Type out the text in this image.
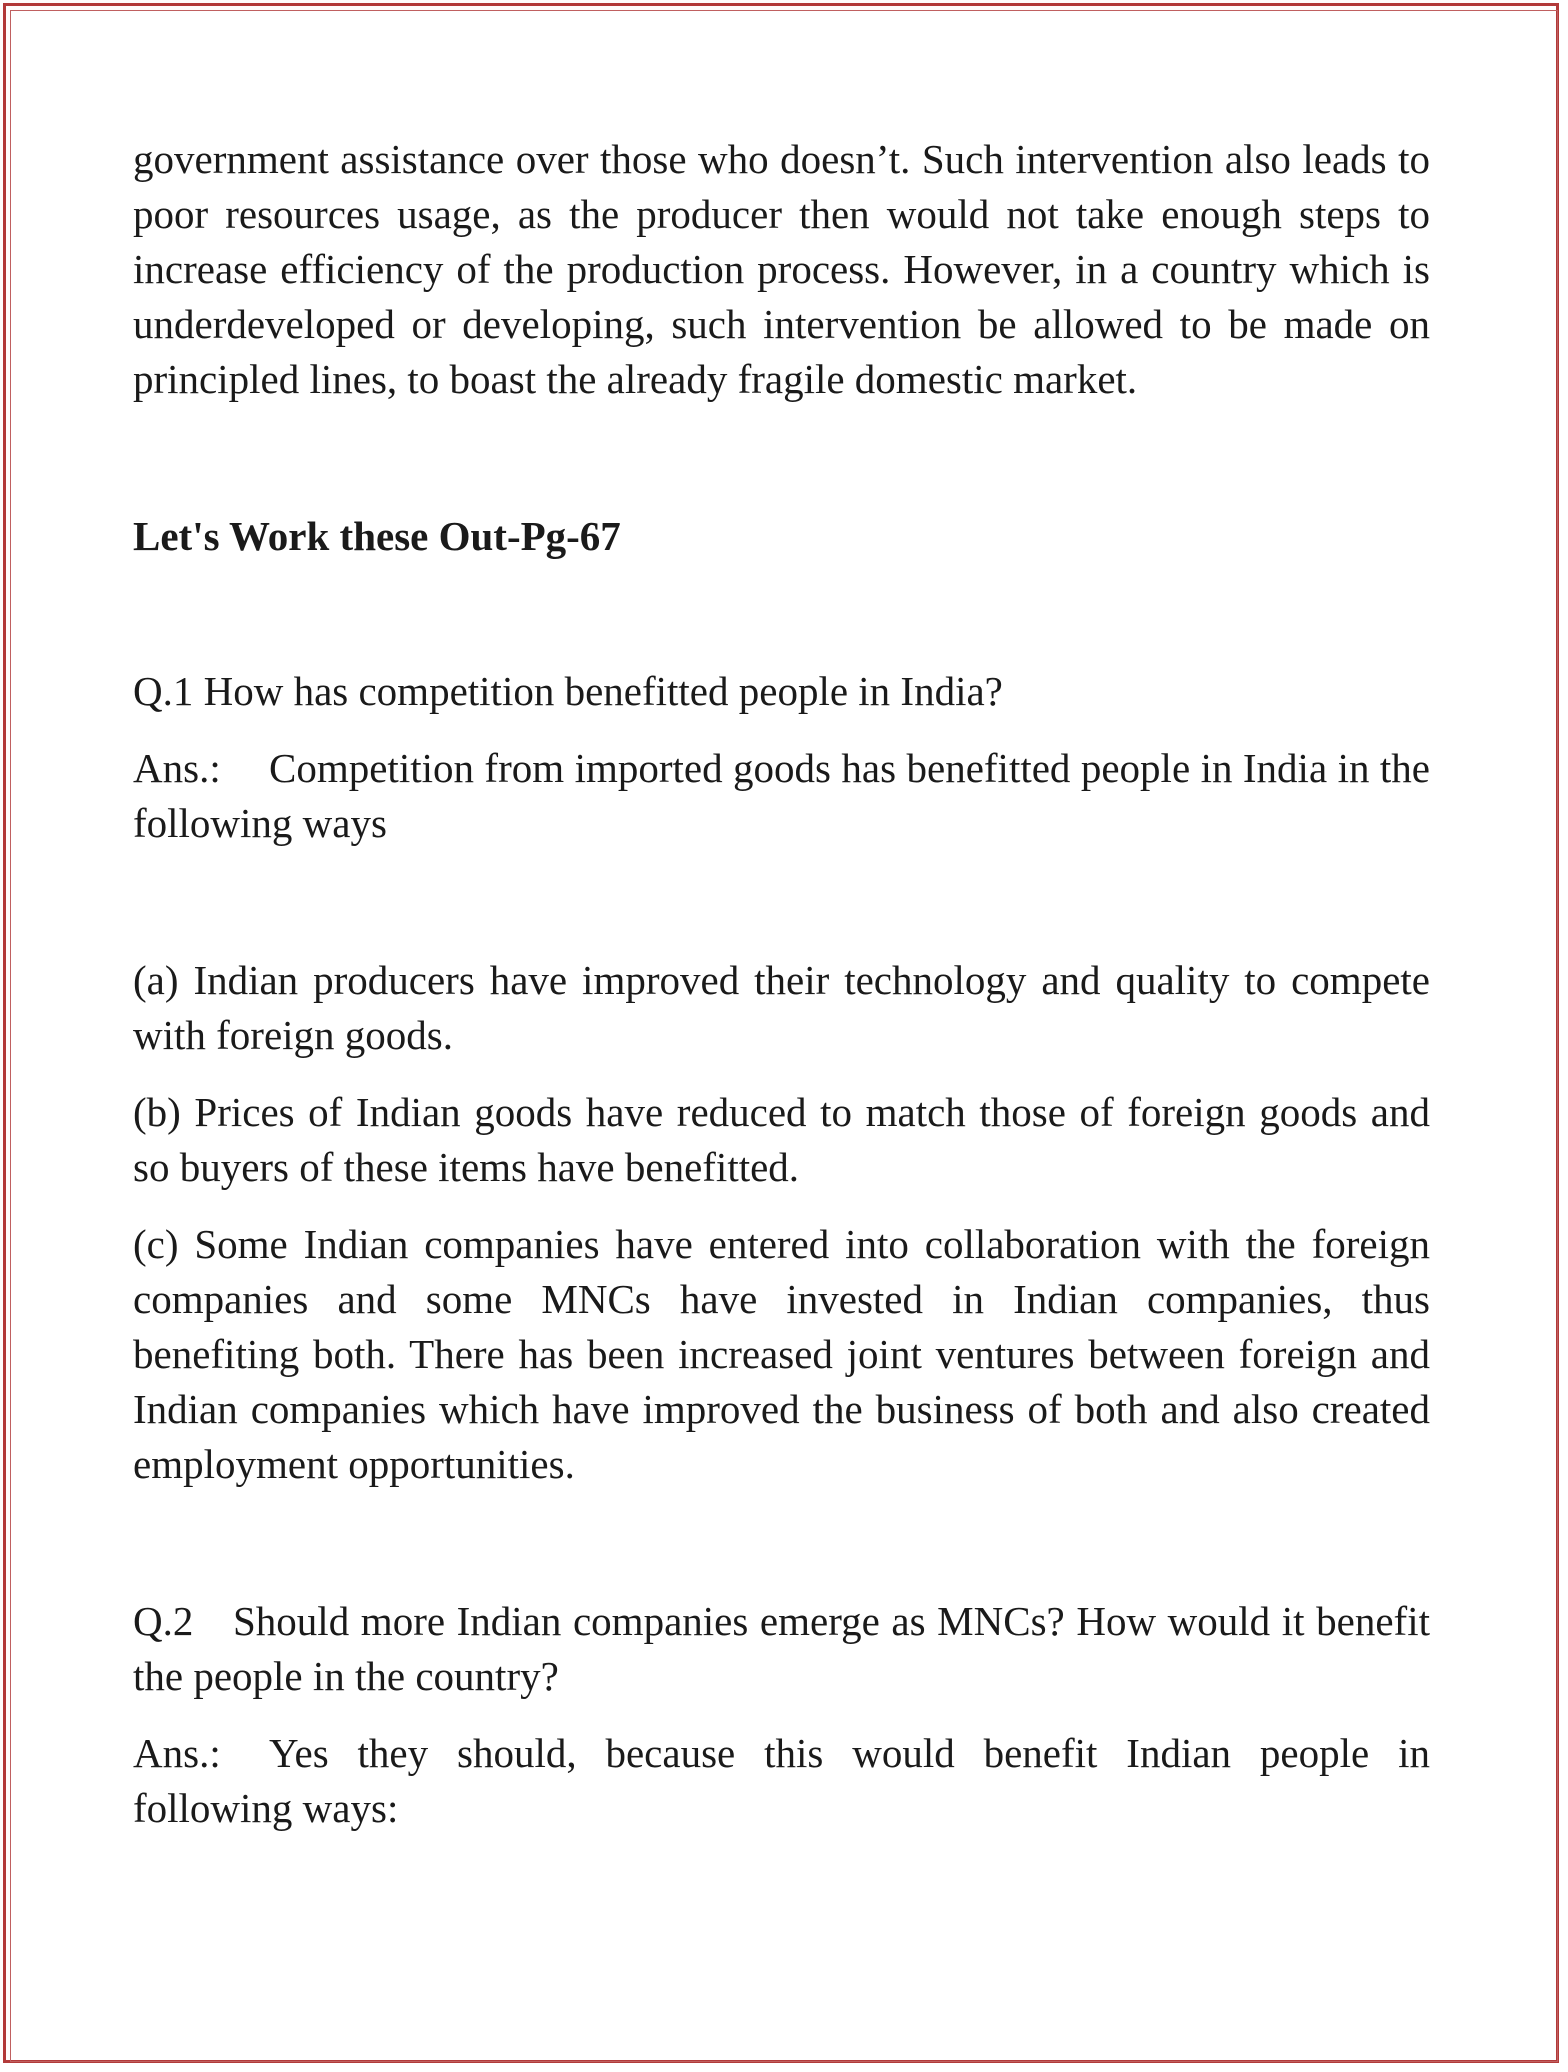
government assistance over those who doesn’t. Such intervention also leads to poor resources usage, as the producer then would not take enough steps to increase efficiency of the production process. However, in a country which is underdeveloped or developing, such intervention be allowed to be made on principled lines, to boast the already fragile domestic market.

Let's Work these Out-Pg-67

Q.1 How has competition benefitted people in India?

Ans.: Competition from imported goods has benefitted people in India in the following ways

(a) Indian producers have improved their technology and quality to compete with foreign goods.

(b) Prices of Indian goods have reduced to match those of foreign goods and so buyers of these items have benefitted.

(c) Some Indian companies have entered into collaboration with the foreign companies and some MNCs have invested in Indian companies, thus benefiting both. There has been increased joint ventures between foreign and Indian companies which have improved the business of both and also created employment opportunities.

Q.2 Should more Indian companies emerge as MNCs? How would it benefit the people in the country?

Ans.: Yes they should, because this would benefit Indian people in following ways:
